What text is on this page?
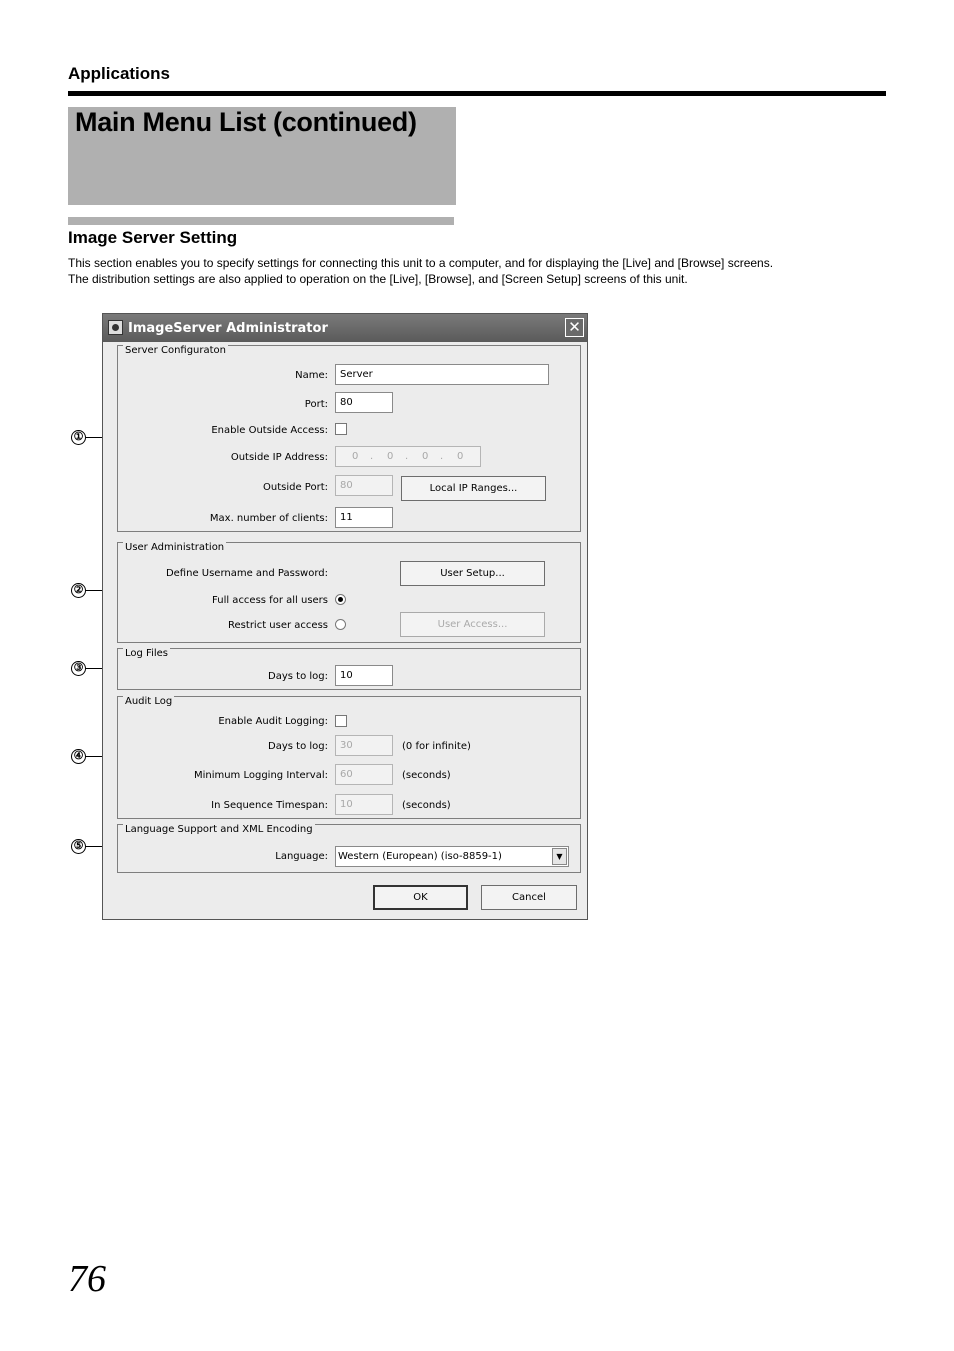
Applications
Main Menu List (continued)
Image Server Setting
This section enables you to specify settings for connecting this unit to a computer, and for displaying the [Live] and [Browse] screens.
The distribution settings are also applied to operation on the [Live], [Browse], and [Screen Setup] screens of this unit.
①
②
③
④
⑤
ImageServer Administrator	✕
Server Configuraton
Name:	Server
Port:	80
Enable Outside Access:
Outside IP Address: 0 . 0 . 0 . 0
Outside Port:	80	Local IP Ranges...
Max. number of clients:	11
User Administration
Define Username and Password:	User Setup...
Full access for all users
Restrict user access	User Access...
Log Files
Days to log:	10
Audit Log
Enable Audit Logging:
Days to log:	30	(0 for infinite)
Minimum Logging Interval:	60	(seconds)
In Sequence Timespan:	10	(seconds)
Language Support and XML Encoding
Language:	Western (European) (iso-8859-1)	▼
OK	Cancel
76
